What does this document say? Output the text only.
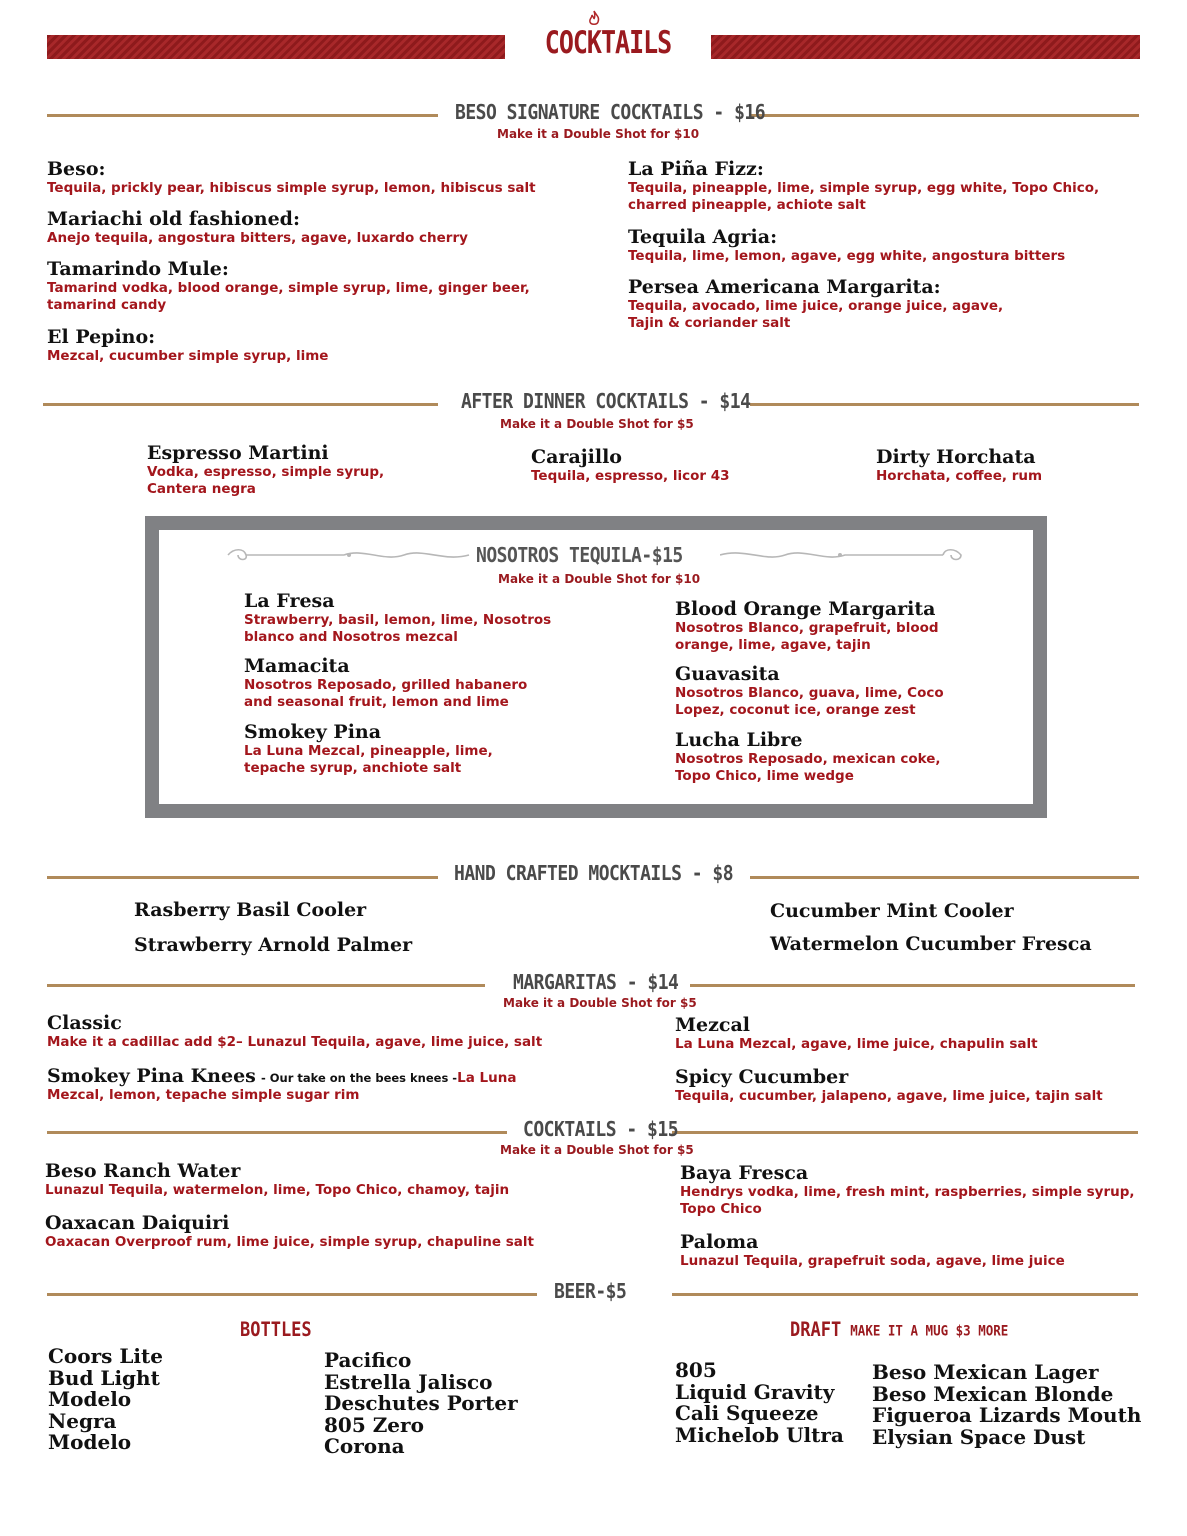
COCKTAILS
BESO SIGNATURE COCKTAILS - $16
Make it a Double Shot for $10
Beso:
Tequila, prickly pear, hibiscus simple syrup, lemon, hibiscus salt
Mariachi old fashioned:
Anejo tequila, angostura bitters, agave, luxardo cherry
Tamarindo Mule:
Tamarind vodka, blood orange, simple syrup, lime, ginger beer, tamarind candy
El Pepino:
Mezcal, cucumber simple syrup, lime
La Piña Fizz:
Tequila, pineapple, lime, simple syrup, egg white, Topo Chico, charred pineapple, achiote salt
Tequila Agria:
Tequila, lime, lemon, agave, egg white, angostura bitters
Persea Americana Margarita:
Tequila, avocado, lime juice, orange juice, agave, Tajin & coriander salt
AFTER DINNER COCKTAILS - $14
Make it a Double Shot for $5
Espresso Martini
Vodka, espresso, simple syrup, Cantera negra
Carajillo
Tequila, espresso, licor 43
Dirty Horchata
Horchata, coffee, rum
NOSOTROS TEQUILA-$15
Make it a Double Shot for $10
La Fresa
Strawberry, basil, lemon, lime, Nosotros blanco and Nosotros mezcal
Mamacita
Nosotros Reposado, grilled habanero and seasonal fruit, lemon and lime
Smokey Pina
La Luna Mezcal, pineapple, lime, tepache syrup, anchiote salt
Blood Orange Margarita
Nosotros Blanco, grapefruit, blood orange, lime, agave, tajin
Guavasita
Nosotros Blanco, guava, lime, Coco Lopez, coconut ice, orange zest
Lucha Libre
Nosotros Reposado, mexican coke, Topo Chico, lime wedge
HAND CRAFTED MOCKTAILS - $8
Rasberry Basil Cooler
Strawberry Arnold Palmer
Cucumber Mint Cooler
Watermelon Cucumber Fresca
MARGARITAS - $14
Make it a Double Shot for $5
Classic
Make it a cadillac add $2– Lunazul Tequila, agave, lime juice, salt
Smokey Pina Knees - Our take on the bees knees -La Luna
Mezcal, lemon, tepache simple sugar rim
Mezcal
La Luna Mezcal, agave, lime juice, chapulin salt
Spicy Cucumber
Tequila, cucumber, jalapeno, agave, lime juice, tajin salt
COCKTAILS - $15
Make it a Double Shot for $5
Beso Ranch Water
Lunazul Tequila, watermelon, lime, Topo Chico, chamoy, tajin
Oaxacan Daiquiri
Oaxacan Overproof rum, lime juice, simple syrup, chapuline salt
Baya Fresca
Hendrys vodka, lime, fresh mint, raspberries, simple syrup, Topo Chico
Paloma
Lunazul Tequila, grapefruit soda, agave, lime juice
BEER-$5
BOTTLES	DRAFT MAKE IT A MUG $3 MORE
Coors Lite
Bud Light
Modelo
Negra
Modelo
Pacifico
Estrella Jalisco
Deschutes Porter
805 Zero
Corona
805
Liquid Gravity
Cali Squeeze
Michelob Ultra
Beso Mexican Lager
Beso Mexican Blonde
Figueroa Lizards Mouth
Elysian Space Dust
